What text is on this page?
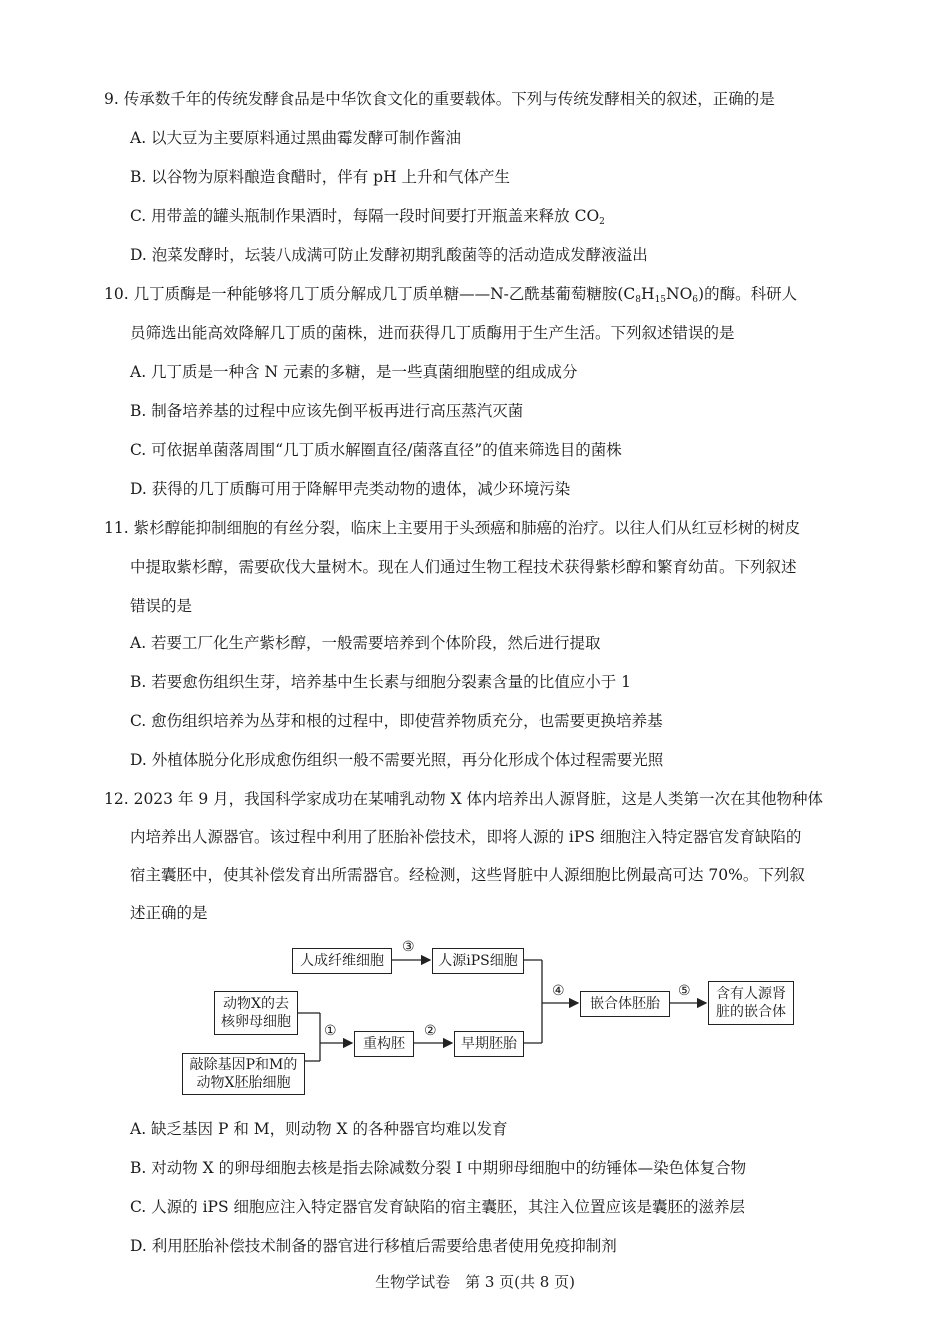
9. 传承数千年的传统发酵食品是中华饮食文化的重要载体。下列与传统发酵相关的叙述，正确的是
A. 以大豆为主要原料通过黑曲霉发酵可制作酱油
B. 以谷物为原料酿造食醋时，伴有 pH 上升和气体产生
C. 用带盖的罐头瓶制作果酒时，每隔一段时间要打开瓶盖来释放 CO2
D. 泡菜发酵时，坛装八成满可防止发酵初期乳酸菌等的活动造成发酵液溢出
10. 几丁质酶是一种能够将几丁质分解成几丁质单糖——N-乙酰基葡萄糖胺(C8H15NO6)的酶。科研人
员筛选出能高效降解几丁质的菌株，进而获得几丁质酶用于生产生活。下列叙述错误的是
A. 几丁质是一种含 N 元素的多糖，是一些真菌细胞壁的组成成分
B. 制备培养基的过程中应该先倒平板再进行高压蒸汽灭菌
C. 可依据单菌落周围“几丁质水解圈直径/菌落直径”的值来筛选目的菌株
D. 获得的几丁质酶可用于降解甲壳类动物的遗体，减少环境污染
11. 紫杉醇能抑制细胞的有丝分裂，临床上主要用于头颈癌和肺癌的治疗。以往人们从红豆杉树的树皮
中提取紫杉醇，需要砍伐大量树木。现在人们通过生物工程技术获得紫杉醇和繁育幼苗。下列叙述
错误的是
A. 若要工厂化生产紫杉醇，一般需要培养到个体阶段，然后进行提取
B. 若要愈伤组织生芽，培养基中生长素与细胞分裂素含量的比值应小于 1
C. 愈伤组织培养为丛芽和根的过程中，即使营养物质充分，也需要更换培养基
D. 外植体脱分化形成愈伤组织一般不需要光照，再分化形成个体过程需要光照
12. 2023 年 9 月，我国科学家成功在某哺乳动物 X 体内培养出人源肾脏，这是人类第一次在其他物种体
内培养出人源器官。该过程中利用了胚胎补偿技术，即将人源的 iPS 细胞注入特定器官发育缺陷的
宿主囊胚中，使其补偿发育出所需器官。经检测，这些肾脏中人源细胞比例最高可达 70%。下列叙
述正确的是
人成纤维细胞	人源iPS细胞
动物X的去
核卵母细胞
敲除基因P和M的
动物X胚胎细胞
重构胚	早期胚胎
嵌合体胚胎
含有人源肾
脏的嵌合体
③
①	②
④	⑤
A. 缺乏基因 P 和 M，则动物 X 的各种器官均难以发育
B. 对动物 X 的卵母细胞去核是指去除减数分裂 Ⅰ 中期卵母细胞中的纺锤体—染色体复合物
C. 人源的 iPS 细胞应注入特定器官发育缺陷的宿主囊胚，其注入位置应该是囊胚的滋养层
D. 利用胚胎补偿技术制备的器官进行移植后需要给患者使用免疫抑制剂
生物学试卷　第 3 页(共 8 页)
